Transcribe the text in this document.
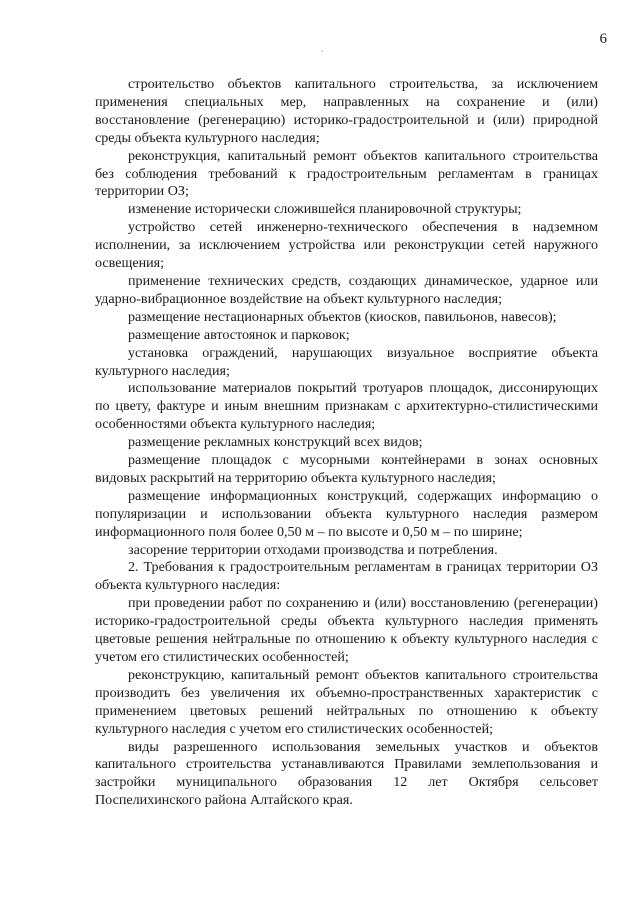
6

строительство объектов капитального строительства, за исключением применения специальных мер, направленных на сохранение и (или) восстановление (регенерацию) историко-градостроительной и (или) природной среды объекта культурного наследия;

реконструкция, капитальный ремонт объектов капитального строительства без соблюдения требований к градостроительным регламентам в границах территории ОЗ;

изменение исторически сложившейся планировочной структуры;

устройство сетей инженерно-технического обеспечения в надземном исполнении, за исключением устройства или реконструкции сетей наружного освещения;

применение технических средств, создающих динамическое, ударное или ударно-вибрационное воздействие на объект культурного наследия;

размещение нестационарных объектов (киосков, павильонов, навесов);

размещение автостоянок и парковок;

установка ограждений, нарушающих визуальное восприятие объекта культурного наследия;

использование материалов покрытий тротуаров площадок, диссонирующих по цвету, фактуре и иным внешним признакам с архитектурно-стилистическими особенностями объекта культурного наследия;

размещение рекламных конструкций всех видов;

размещение площадок с мусорными контейнерами в зонах основных видовых раскрытий на территорию объекта культурного наследия;

размещение информационных конструкций, содержащих информацию о популяризации и использовании объекта культурного наследия размером информационного поля более 0,50 м – по высоте и 0,50 м – по ширине;

засорение территории отходами производства и потребления.

2. Требования к градостроительным регламентам в границах территории ОЗ объекта культурного наследия:

при проведении работ по сохранению и (или) восстановлению (регенерации) историко-градостроительной среды объекта культурного наследия применять цветовые решения нейтральные по отношению к объекту культурного наследия с учетом его стилистических особенностей;

реконструкцию, капитальный ремонт объектов капитального строительства производить без увеличения их объемно-пространственных характеристик с применением цветовых решений нейтральных по отношению к объекту культурного наследия с учетом его стилистических особенностей;

виды разрешенного использования земельных участков и объектов капитального строительства устанавливаются Правилами землепользования и застройки муниципального образования 12 лет Октября сельсовет Поспелихинского района Алтайского края.
